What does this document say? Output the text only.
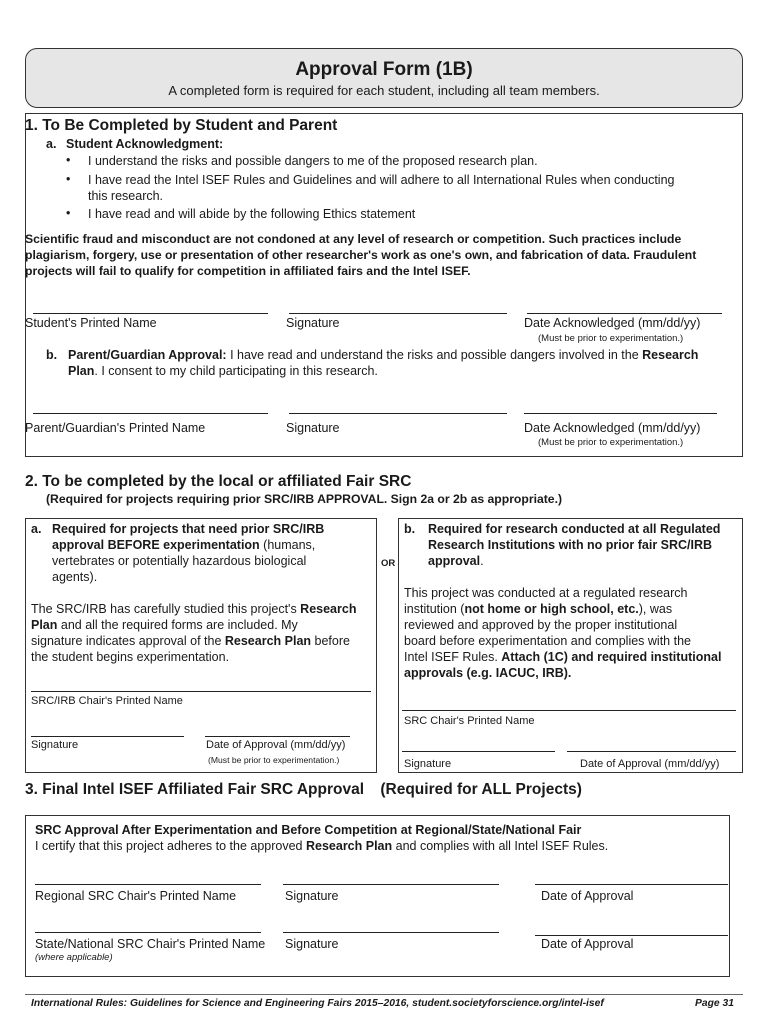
Approval Form (1B)
A completed form is required for each student, including all team members.
1. To Be Completed by Student and Parent
a. Student Acknowledgment:
• I understand the risks and possible dangers to me of the proposed research plan.
• I have read the Intel ISEF Rules and Guidelines and will adhere to all International Rules when conducting
this research.
• I have read and will abide by the following Ethics statement
Scientific fraud and misconduct are not condoned at any level of research or competition. Such practices include
plagiarism, forgery, use or presentation of other researcher's work as one's own, and fabrication of data. Fraudulent
projects will fail to qualify for competition in affiliated fairs and the Intel ISEF.
Student's Printed Name	Signature	Date Acknowledged (mm/dd/yy)
(Must be prior to experimentation.)
b. Parent/Guardian Approval: I have read and understand the risks and possible dangers involved in the Research
Plan. I consent to my child participating in this research.
Parent/Guardian's Printed Name	Signature	Date Acknowledged (mm/dd/yy)
(Must be prior to experimentation.)
2. To be completed by the local or affiliated Fair SRC
(Required for projects requiring prior SRC/IRB APPROVAL. Sign 2a or 2b as appropriate.)
a. Required for projects that need prior SRC/IRB
approval BEFORE experimentation (humans,
vertebrates or potentially hazardous biological
agents).
The SRC/IRB has carefully studied this project's Research
Plan and all the required forms are included. My
signature indicates approval of the Research Plan before
the student begins experimentation.
SRC/IRB Chair's Printed Name
Signature	Date of Approval (mm/dd/yy)
(Must be prior to experimentation.)
OR
b. Required for research conducted at all Regulated
Research Institutions with no prior fair SRC/IRB
approval.
This project was conducted at a regulated research
institution (not home or high school, etc.), was
reviewed and approved by the proper institutional
board before experimentation and complies with the
Intel ISEF Rules. Attach (1C) and required institutional
approvals (e.g. IACUC, IRB).
SRC Chair's Printed Name
Signature	Date of Approval (mm/dd/yy)
3. Final Intel ISEF Affiliated Fair SRC Approval (Required for ALL Projects)
SRC Approval After Experimentation and Before Competition at Regional/State/National Fair
I certify that this project adheres to the approved Research Plan and complies with all Intel ISEF Rules.
Regional SRC Chair's Printed Name	Signature	Date of Approval
State/National SRC Chair's Printed Name Signature	Date of Approval
(where applicable)
International Rules: Guidelines for Science and Engineering Fairs 2015–2016, student.societyforscience.org/intel-isef	Page 31
